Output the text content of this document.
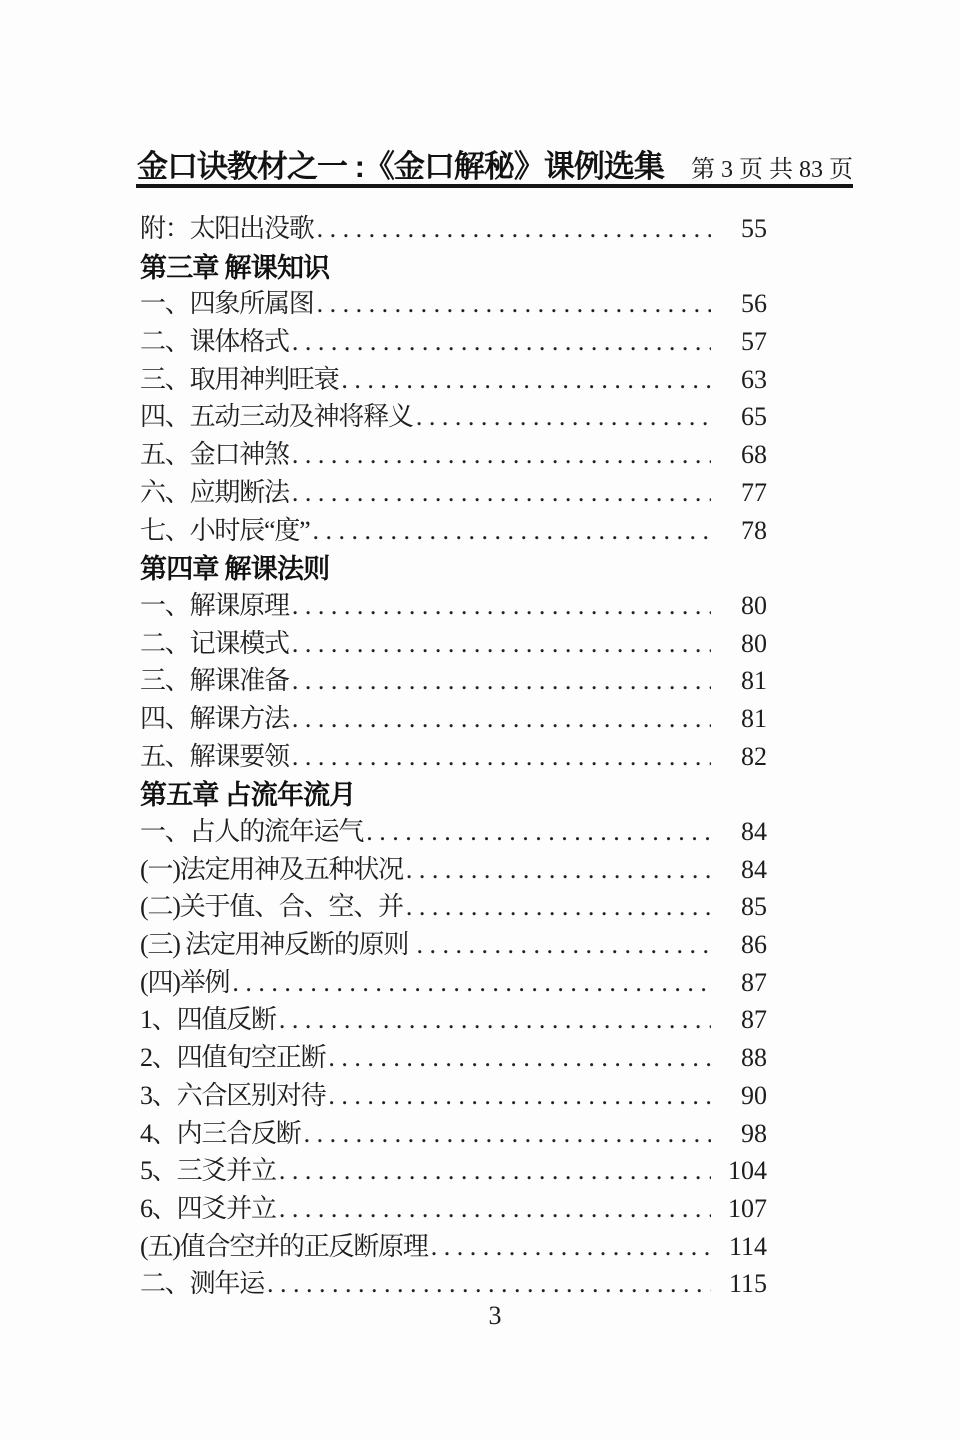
金口诀教材之一 :《金口解秘》课例选集 第 3 页 共 83 页
附：太阳出没歌 .....	55
第三章 解课知识
一、四象所属图 .....	56
二、课体格式 .....	57
三、取用神判旺衰 .....	63
四、五动三动及神将释义 .....	65
五、金口神煞 .....	68
六、应期断法 .....	77
七、小时辰“度” .....	78
第四章 解课法则
一、解课原理 .....	80
二、记课模式 .....	80
三、解课准备 .....	81
四、解课方法 .....	81
五、解课要领 .....	82
第五章 占流年流月
一、占人的流年运气 .....	84
(一)法定用神及五种状况 .....	84
(二)关于值、合、空、并 .....	85
(三) 法定用神反断的原则 .....	86
(四)举例 .....	87
1、四值反断 .....	87
2、四值旬空正断 .....	88
3、六合区别对待 .....	90
4、内三合反断 .....	98
5、三爻并立 .....	104
6、四爻并立 .....	107
(五)值合空并的正反断原理 .....	114
二、测年运 .....	115
3
